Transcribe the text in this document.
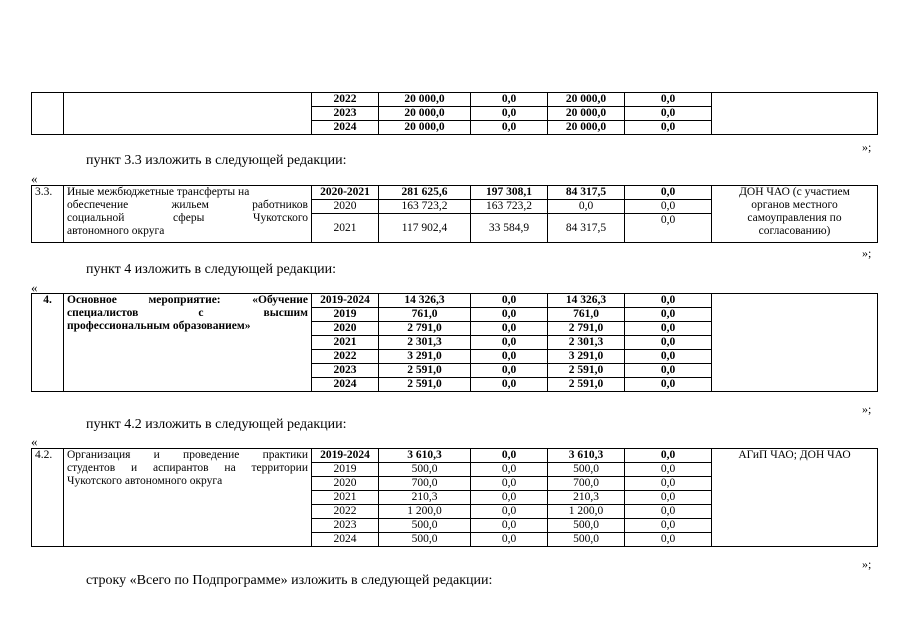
		2022	20 000,0	0,0	20 000,0	0,0	
		2023	20 000,0	0,0	20 000,0	0,0	
		2024	20 000,0	0,0	20 000,0	0,0	
»;
пункт 3.3 изложить в следующей редакции:
«
3.3.	Иные межбюджетные трансферты на
обеспечение жильем работников
социальной сферы Чукотского
автономного округа	2020-2021	281 625,6	197 308,1	84 317,5	0,0	ДОН ЧАО (с участием
органов местного
самоуправления по
согласованию)

		2020	163 723,2	163 723,2	0,0	0,0	
		2021	117 902,4	33 584,9	84 317,5	0,0	
»;
пункт 4 изложить в следующей редакции:
«
4.	Основное мероприятие: «Обучение
специалистов с высшим
профессиональным образованием»	2019-2024	14 326,3	0,0	14 326,3	0,0	
		2019	761,0	0,0	761,0	0,0	
		2020	2 791,0	0,0	2 791,0	0,0	
		2021	2 301,3	0,0	2 301,3	0,0	
		2022	3 291,0	0,0	3 291,0	0,0	
		2023	2 591,0	0,0	2 591,0	0,0	
		2024	2 591,0	0,0	2 591,0	0,0	
»;
пункт 4.2 изложить в следующей редакции:
«
4.2.	Организация и проведение практики
студентов и аспирантов на территории
Чукотского автономного округа	2019-2024	3 610,3	0,0	3 610,3	0,0	АГиП ЧАО; ДОН ЧАО
		2019	500,0	0,0	500,0	0,0	
		2020	700,0	0,0	700,0	0,0	
		2021	210,3	0,0	210,3	0,0	
		2022	1 200,0	0,0	1 200,0	0,0	
		2023	500,0	0,0	500,0	0,0	
		2024	500,0	0,0	500,0	0,0	
»;
строку «Всего по Подпрограмме» изложить в следующей редакции:
